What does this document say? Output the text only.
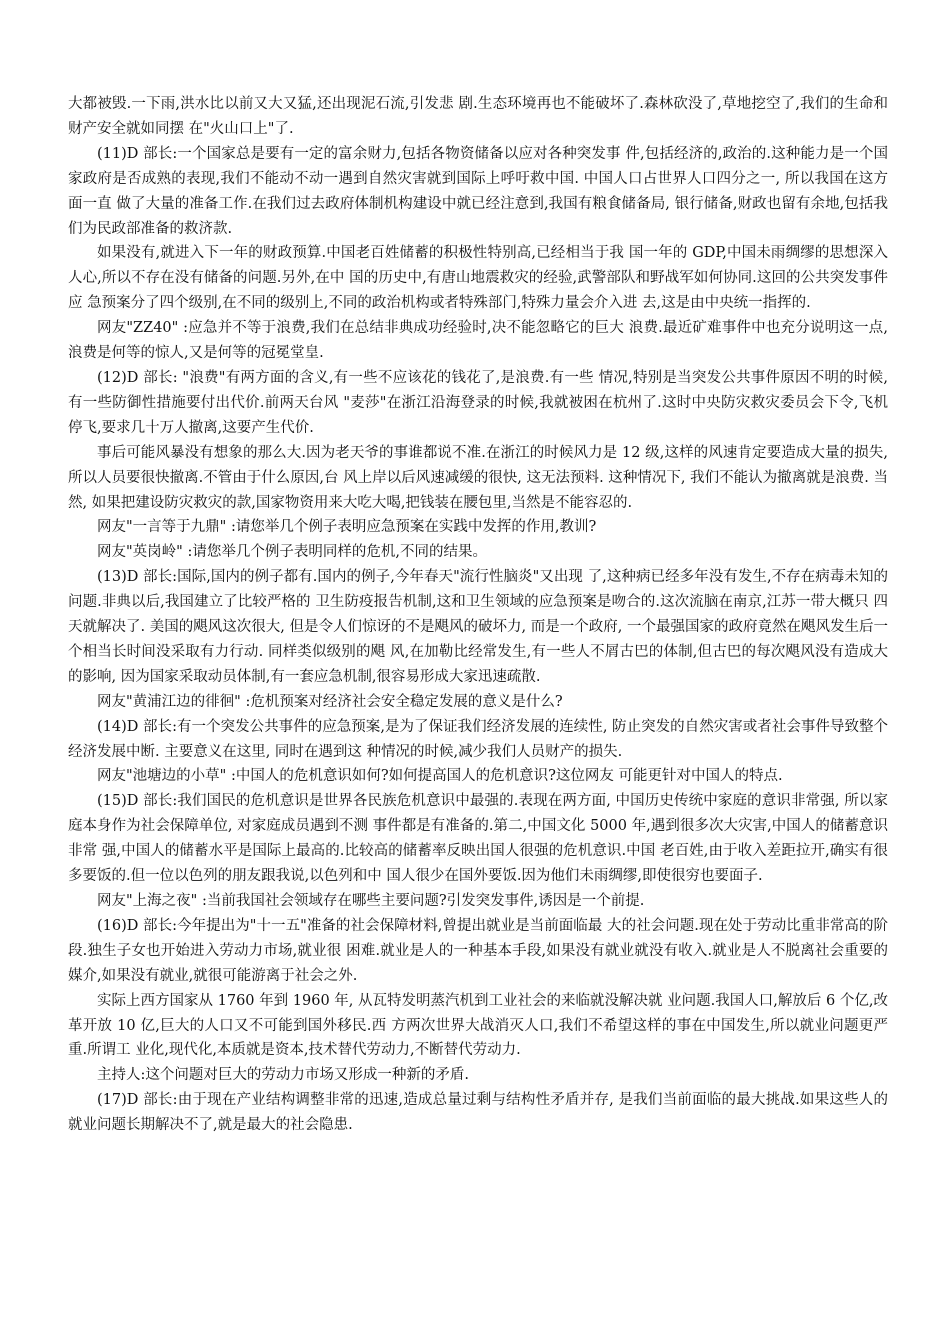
大都被毁.一下雨,洪水比以前又大又猛,还出现泥石流,引发悲 剧.生态环境再也不能破坏了.森林砍没了,草地挖空了,我们的生命和财产安全就如同摆 在"火山口上"了.

(11)D 部长:一个国家总是要有一定的富余财力,包括各物资储备以应对各种突发事 件,包括经济的,政治的.这种能力是一个国家政府是否成熟的表现,我们不能动不动一遇到自然灾害就到国际上呼吁救中国. 中国人口占世界人口四分之一, 所以我国在这方面一直 做了大量的准备工作.在我们过去政府体制机构建设中就已经注意到,我国有粮食储备局, 银行储备,财政也留有余地,包括我们为民政部准备的救济款.

如果没有,就进入下一年的财政预算.中国老百姓储蓄的积极性特别高,已经相当于我 国一年的 GDP,中国未雨绸缪的思想深入人心,所以不存在没有储备的问题.另外,在中 国的历史中,有唐山地震救灾的经验,武警部队和野战军如何协同.这回的公共突发事件应 急预案分了四个级别,在不同的级别上,不同的政治机构或者特殊部门,特殊力量会介入进 去,这是由中央统一指挥的.

网友"ZZ40" :应急并不等于浪费,我们在总结非典成功经验时,决不能忽略它的巨大 浪费.最近矿难事件中也充分说明这一点,浪费是何等的惊人,又是何等的冠冕堂皇.

(12)D 部长: "浪费"有两方面的含义,有一些不应该花的钱花了,是浪费.有一些 情况,特别是当突发公共事件原因不明的时候,有一些防御性措施要付出代价.前两天台风 "麦莎"在浙江沿海登录的时候,我就被困在杭州了.这时中央防灾救灾委员会下令,飞机 停飞,要求几十万人撤离,这要产生代价.

事后可能风暴没有想象的那么大.因为老天爷的事谁都说不准.在浙江的时候风力是 12 级,这样的风速肯定要造成大量的损失,所以人员要很快撤离.不管由于什么原因,台 风上岸以后风速减缓的很快, 这无法预料. 这种情况下, 我们不能认为撤离就是浪费. 当然, 如果把建设防灾救灾的款,国家物资用来大吃大喝,把钱装在腰包里,当然是不能容忍的.

网友"一言等于九鼎" :请您举几个例子表明应急预案在实践中发挥的作用,教训?

网友"英岗岭" :请您举几个例子表明同样的危机,不同的结果。

(13)D 部长:国际,国内的例子都有.国内的例子,今年春天"流行性脑炎"又出现 了,这种病已经多年没有发生,不存在病毒未知的问题.非典以后,我国建立了比较严格的 卫生防疫报告机制,这和卫生领域的应急预案是吻合的.这次流脑在南京,江苏一带大概只 四天就解决了. 美国的飓风这次很大, 但是令人们惊讶的不是飓风的破坏力, 而是一个政府, 一个最强国家的政府竟然在飓风发生后一个相当长时间没采取有力行动. 同样类似级别的飓 风,在加勒比经常发生,有一些人不屑古巴的体制,但古巴的每次飓风没有造成大的影响, 因为国家采取动员体制,有一套应急机制,很容易形成大家迅速疏散.

网友"黄浦江边的徘徊" :危机预案对经济社会安全稳定发展的意义是什么?

(14)D 部长:有一个突发公共事件的应急预案,是为了保证我们经济发展的连续性, 防止突发的自然灾害或者社会事件导致整个经济发展中断. 主要意义在这里, 同时在遇到这 种情况的时候,减少我们人员财产的损失.

网友"池塘边的小草" :中国人的危机意识如何?如何提高国人的危机意识?这位网友 可能更针对中国人的特点.

(15)D 部长:我们国民的危机意识是世界各民族危机意识中最强的.表现在两方面, 中国历史传统中家庭的意识非常强, 所以家庭本身作为社会保障单位, 对家庭成员遇到不测 事件都是有准备的.第二,中国文化 5000 年,遇到很多次大灾害,中国人的储蓄意识非常 强,中国人的储蓄水平是国际上最高的.比较高的储蓄率反映出国人很强的危机意识.中国 老百姓,由于收入差距拉开,确实有很多要饭的.但一位以色列的朋友跟我说,以色列和中 国人很少在国外要饭.因为他们未雨绸缪,即使很穷也要面子.

网友"上海之夜" :当前我国社会领域存在哪些主要问题?引发突发事件,诱因是一个前提.

(16)D 部长:今年提出为"十一五"准备的社会保障材料,曾提出就业是当前面临最 大的社会问题.现在处于劳动比重非常高的阶段.独生子女也开始进入劳动力市场,就业很 困难.就业是人的一种基本手段,如果没有就业就没有收入.就业是人不脱离社会重要的媒介,如果没有就业,就很可能游离于社会之外.

实际上西方国家从 1760 年到 1960 年, 从瓦特发明蒸汽机到工业社会的来临就没解决就 业问题.我国人口,解放后 6 个亿,改革开放 10 亿,巨大的人口又不可能到国外移民.西 方两次世界大战消灭人口,我们不希望这样的事在中国发生,所以就业问题更严重.所谓工 业化,现代化,本质就是资本,技术替代劳动力,不断替代劳动力.

主持人:这个问题对巨大的劳动力市场又形成一种新的矛盾.

(17)D 部长:由于现在产业结构调整非常的迅速,造成总量过剩与结构性矛盾并存, 是我们当前面临的最大挑战.如果这些人的就业问题长期解决不了,就是最大的社会隐患.
